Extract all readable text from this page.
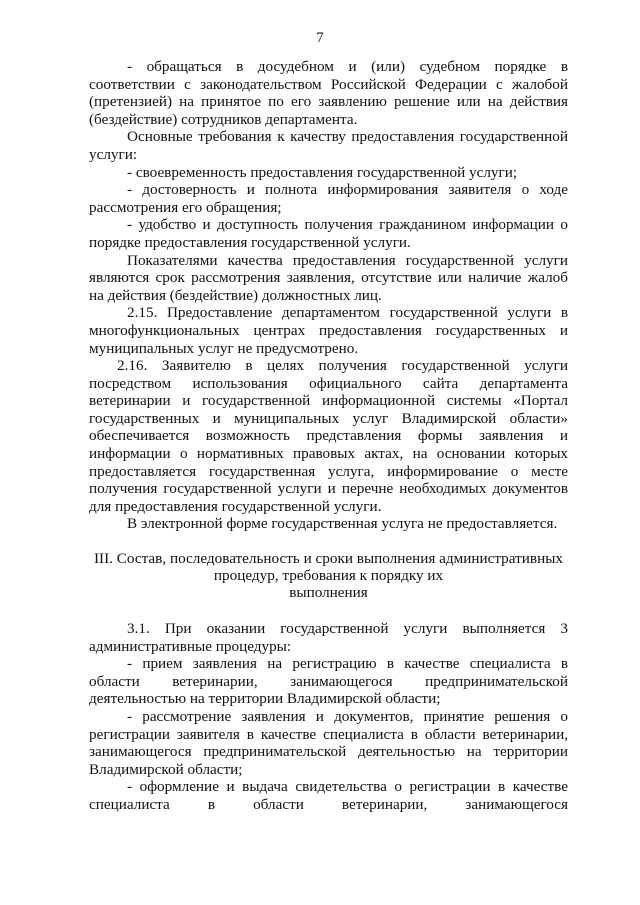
7

- обращаться в досудебном и (или) судебном порядке в соответствии с законодательством Российской Федерации с жалобой (претензией) на принятое по его заявлению решение или на действия (бездействие) сотрудников департамента.

Основные требования к качеству предоставления государственной услуги:

- своевременность предоставления государственной услуги;

- достоверность и полнота информирования заявителя о ходе рассмотрения его обращения;

- удобство и доступность получения гражданином информации о порядке предоставления государственной услуги.

Показателями качества предоставления государственной услуги являются срок рассмотрения заявления, отсутствие или наличие жалоб на действия (бездействие) должностных лиц.

2.15. Предоставление департаментом государственной услуги в многофункциональных центрах предоставления государственных и муниципальных услуг не предусмотрено.

2.16. Заявителю в целях получения государственной услуги посредством использования официального сайта департамента ветеринарии и государственной информационной системы «Портал государственных и муниципальных услуг Владимирской области» обеспечивается возможность представления формы заявления и информации о нормативных правовых актах, на основании которых предоставляется государственная услуга, информирование о месте получения государственной услуги и перечне необходимых документов для предоставления государственной услуги.

В электронной форме государственная услуга не предоставляется.

III. Состав, последовательность и сроки выполнения административных

процедур, требования к порядку их

выполнения

3.1. При оказании государственной услуги выполняется 3 административные процедуры:

- прием заявления на регистрацию в качестве специалиста в области ветеринарии, занимающегося предпринимательской деятельностью на территории Владимирской области;

- рассмотрение заявления и документов, принятие решения о регистрации заявителя в качестве специалиста в области ветеринарии, занимающегося предпринимательской деятельностью на территории Владимирской области;

- оформление и выдача свидетельства о регистрации в качестве специалиста в области ветеринарии, занимающегося
